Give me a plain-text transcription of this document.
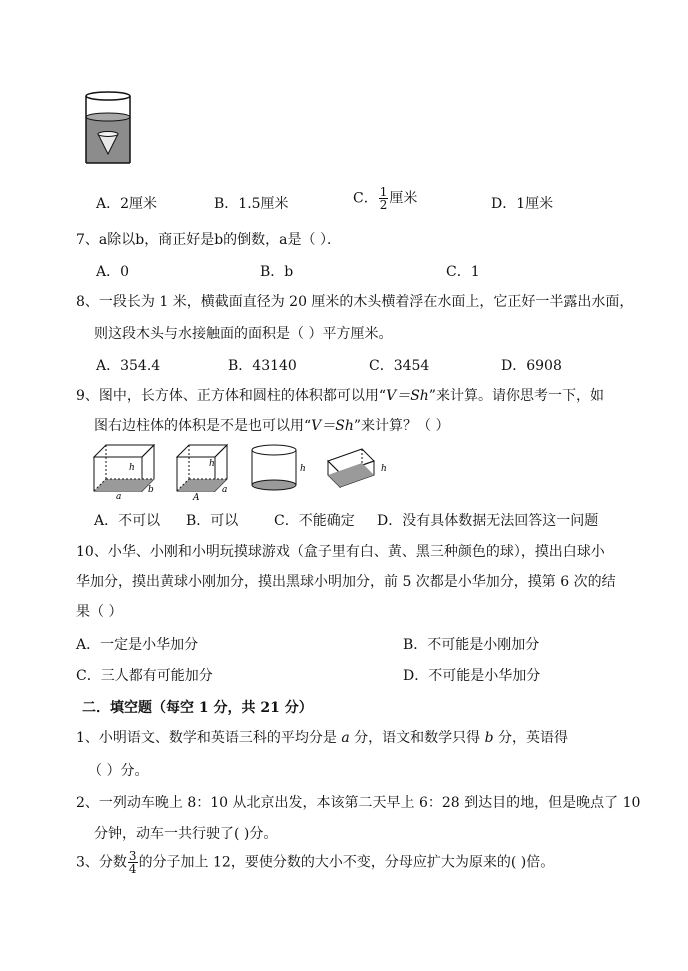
A．2厘米	B．1.5厘米	C． $\frac{1}{2}$ 厘米	D．1厘米
7、a除以b，商正好是b的倒数，a是（ ）．
A．0	B．b	C．1
8、一段长为 1 米，横截面直径为 20 厘米的木头横着浮在水面上，它正好一半露出水面，
则这段木头与水接触面的面积是（ ）平方厘米。
A．354.4	B．43140	C．3454	D．6908
9、图中，长方体、正方体和圆柱的体积都可以用“V＝Sh”来计算。请你思考一下，如
图右边柱体的体积是不是也可以用“V＝Sh”来计算？（ ）
h
a
b
h
A
a
h	h
A．不可以 B．可以	C．不能确定 D．没有具体数据无法回答这一问题
10、小华、小刚和小明玩摸球游戏（盒子里有白、黄、黑三种颜色的球），摸出白球小
华加分，摸出黄球小刚加分，摸出黑球小明加分，前 5 次都是小华加分，摸第 6 次的结
果（ ）
A．一定是小华加分	B．不可能是小刚加分
C．三人都有可能加分	D．不可能是小华加分
二．填空题（每空 1 分，共 21 分）
1、小明语文、数学和英语三科的平均分是 a 分，语文和数学只得 b 分，英语得
（ ）分。
2、一列动车晚上 8：10 从北京出发，本该第二天早上 6：28 到达目的地，但是晚点了 10
分钟，动车一共行驶了( )分。
3、分数 $\frac{3}{4}$ 的分子加上 12，要使分数的大小不变，分母应扩大为原来的( )倍。
